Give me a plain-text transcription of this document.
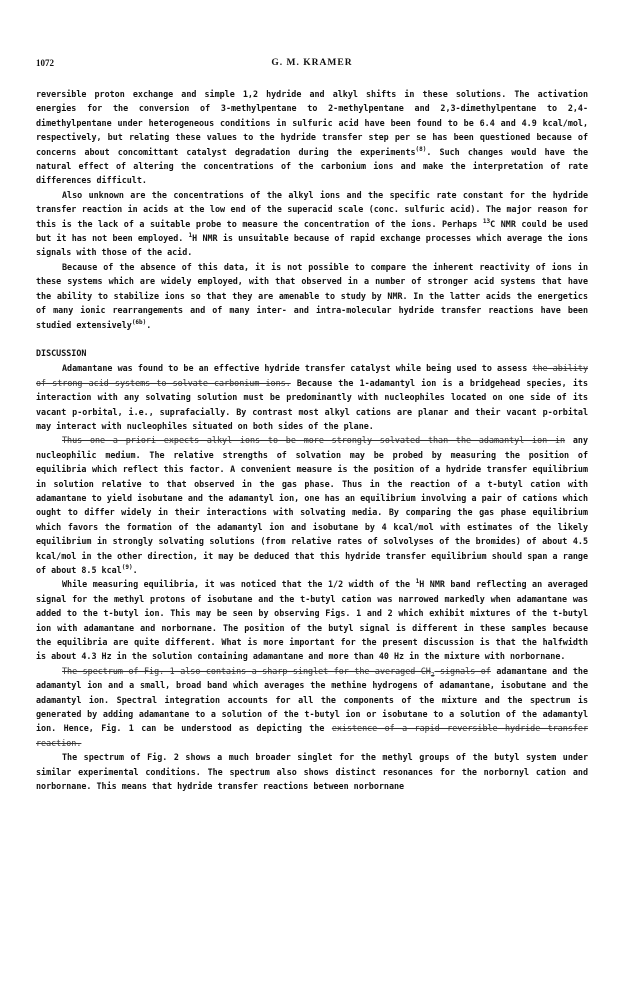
1072	G. M. KRAMER

reversible proton exchange and simple 1,2 hydride and alkyl shifts in these solutions. The activation energies for the conversion of 3-methylpentane to 2-methylpentane and 2,3-dimethylpentane to 2,4-dimethylpentane under heterogeneous conditions in sulfuric acid have been found to be 6.4 and 4.9 kcal/mol, respectively, but relating these values to the hydride transfer step per se has been questioned because of concerns about concomittant catalyst degradation during the experiments$^{(8)}$. Such changes would have the natural effect of altering the concentrations of the carbonium ions and make the interpretation of rate differences difficult.

Also unknown are the concentrations of the alkyl ions and the specific rate constant for the hydride transfer reaction in acids at the low end of the superacid scale (conc. sulfuric acid). The major reason for this is the lack of a suitable probe to measure the concentration of the ions. Perhaps $^{13}$C NMR could be used but it has not been employed. $^1$H NMR is unsuitable because of rapid exchange processes which average the ions signals with those of the acid.

Because of the absence of this data, it is not possible to compare the inherent reactivity of ions in these systems which are widely employed, with that observed in a number of stronger acid systems that have the ability to stabilize ions so that they are amenable to study by NMR. In the latter acids the energetics of many ionic rearrangements and of many inter- and intra-molecular hydride transfer reactions have been studied extensively$^{(6b)}$.

DISCUSSION

Adamantane was found to be an effective hydride transfer catalyst while being used to assess the ability of strong acid systems to solvate carbonium ions. Because the 1-adamantyl ion is a bridgehead species, its interaction with any solvating solution must be predominantly with nucleophiles located on one side of its vacant p-orbital, i.e., suprafacially. By contrast most alkyl cations are planar and their vacant p-orbital may interact with nucleophiles situated on both sides of the plane.

Thus one a priori expects alkyl ions to be more strongly solvated than the adamantyl ion in any nucleophilic medium. The relative strengths of solvation may be probed by measuring the position of equilibria which reflect this factor. A convenient measure is the position of a hydride transfer equilibrium in solution relative to that observed in the gas phase. Thus in the reaction of a t-butyl cation with adamantane to yield isobutane and the adamantyl ion, one has an equilibrium involving a pair of cations which ought to differ widely in their interactions with solvating media. By comparing the gas phase equilibrium which favors the formation of the adamantyl ion and isobutane by 4 kcal/mol with estimates of the likely equilibrium in strongly solvating solutions (from relative rates of solvolyses of the bromides) of about 4.5 kcal/mol in the other direction, it may be deduced that this hydride transfer equilibrium should span a range of about 8.5 kcal$^{(9)}$.

While measuring equilibria, it was noticed that the 1/2 width of the $^1$H NMR band reflecting an averaged signal for the methyl protons of isobutane and the t-butyl cation was narrowed markedly when adamantane was added to the t-butyl ion. This may be seen by observing Figs. 1 and 2 which exhibit mixtures of the t-butyl ion with adamantane and norbornane. The position of the butyl signal is different in these samples because the equilibria are quite different. What is more important for the present discussion is that the halfwidth is about 4.3 Hz in the solution containing adamantane and more than 40 Hz in the mixture with norbornane.

The spectrum of Fig. 1 also contains a sharp singlet for the averaged $CH_2$ signals of adamantane and the adamantyl ion and a small, broad band which averages the methine hydrogens of adamantane, isobutane and the adamantyl ion. Spectral integration accounts for all the components of the mixture and the spectrum is generated by adding adamantane to a solution of the t-butyl ion or isobutane to a solution of the adamantyl ion. Hence, Fig. 1 can be understood as depicting the existence of a rapid reversible hydride transfer reaction.

The spectrum of Fig. 2 shows a much broader singlet for the methyl groups of the butyl system under similar experimental conditions. The spectrum also shows distinct resonances for the norbornyl cation and norbornane. This means that hydride transfer reactions between norbornane
